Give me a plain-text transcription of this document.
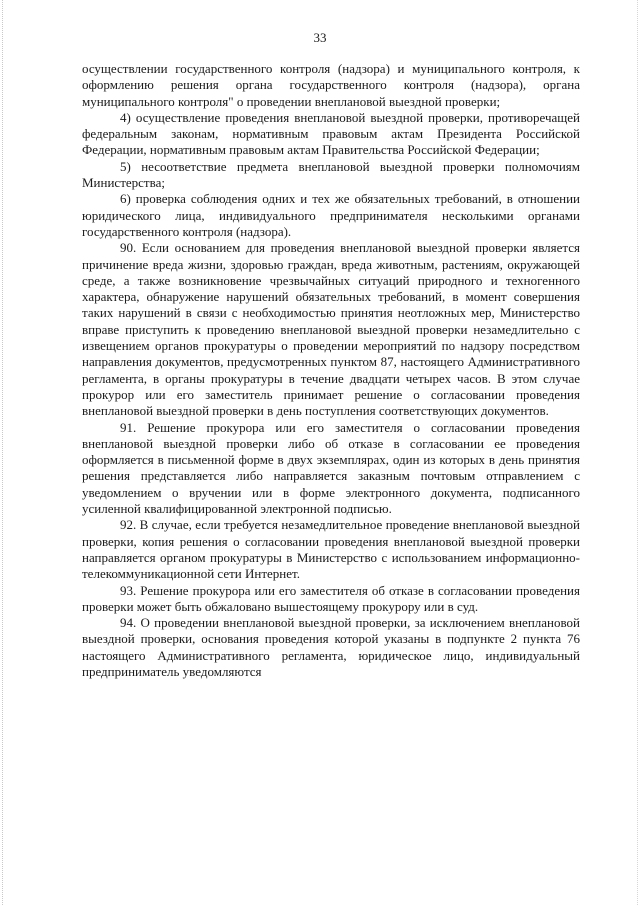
33

осуществлении государственного контроля (надзора) и муниципального контроля, к оформлению решения органа государственного контроля (надзора), органа муниципального контроля" о проведении внеплановой выездной проверки;

4) осуществление проведения внеплановой выездной проверки, противоречащей федеральным законам, нормативным правовым актам Президента Российской Федерации, нормативным правовым актам Правительства Российской Федерации;

5) несоответствие предмета внеплановой выездной проверки полномочиям Министерства;

6) проверка соблюдения одних и тех же обязательных требований, в отношении юридического лица, индивидуального предпринимателя несколькими органами государственного контроля (надзора).

90. Если основанием для проведения внеплановой выездной проверки является причинение вреда жизни, здоровью граждан, вреда животным, растениям, окружающей среде, а также возникновение чрезвычайных ситуаций природного и техногенного характера, обнаружение нарушений обязательных требований, в момент совершения таких нарушений в связи с необходимостью принятия неотложных мер, Министерство вправе приступить к проведению внеплановой выездной проверки незамедлительно с извещением органов прокуратуры о проведении мероприятий по надзору посредством направления документов, предусмотренных пунктом 87, настоящего Административного регламента, в органы прокуратуры в течение двадцати четырех часов. В этом случае прокурор или его заместитель принимает решение о согласовании проведения внеплановой выездной проверки в день поступления соответствующих документов.

91. Решение прокурора или его заместителя о согласовании проведения внеплановой выездной проверки либо об отказе в согласовании ее проведения оформляется в письменной форме в двух экземплярах, один из которых в день принятия решения представляется либо направляется заказным почтовым отправлением с уведомлением о вручении или в форме электронного документа, подписанного усиленной квалифицированной электронной подписью.

92. В случае, если требуется незамедлительное проведение внеплановой выездной проверки, копия решения о согласовании проведения внеплановой выездной проверки направляется органом прокуратуры в Министерство с использованием информационно-телекоммуникационной сети Интернет.

93. Решение прокурора или его заместителя об отказе в согласовании проведения проверки может быть обжаловано вышестоящему прокурору или в суд.

94. О проведении внеплановой выездной проверки, за исключением внеплановой выездной проверки, основания проведения которой указаны в подпункте 2 пункта 76 настоящего Административного регламента, юридическое лицо, индивидуальный предприниматель уведомляются
